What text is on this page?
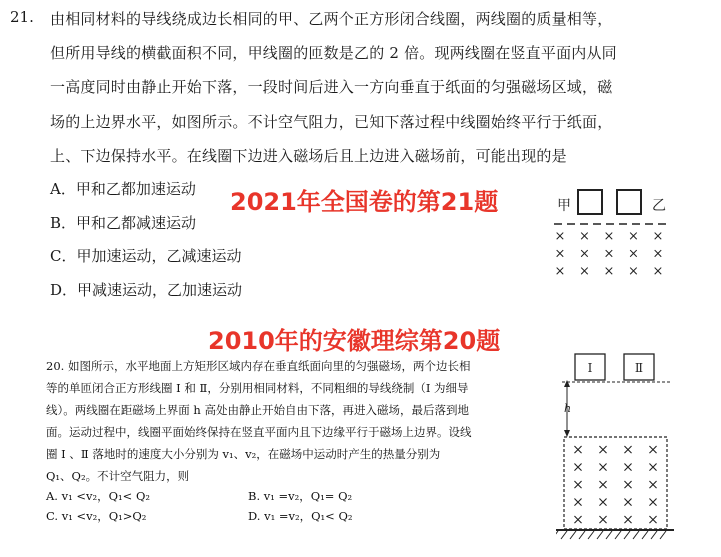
21. 由相同材料的导线绕成边长相同的甲、乙两个正方形闭合线圈，两线圈的质量相等，
但所用导线的横截面积不同，甲线圈的匝数是乙的 2 倍。现两线圈在竖直平面内从同
一高度同时由静止开始下落，一段时间后进入一方向垂直于纸面的匀强磁场区域，磁
场的上边界水平，如图所示。不计空气阻力，已知下落过程中线圈始终平行于纸面，
上、下边保持水平。在线圈下边进入磁场后且上边进入磁场前，可能出现的是
A．甲和乙都加速运动
B．甲和乙都减速运动
C．甲加速运动，乙减速运动
D．甲减速运动，乙加速运动
2021年全国卷的第21题	甲	乙
× × × × ×
× × × × ×
× × × × ×
2010年的安徽理综第20题
20. 如图所示，水平地面上方矩形区域内存在垂直纸面向里的匀强磁场，两个边长相
等的单匝闭合正方形线圈 Ⅰ 和 Ⅱ，分别用相同材料，不同粗细的导线绕制（Ⅰ 为细导
线）。两线圈在距磁场上界面 h 高处由静止开始自由下落，再进入磁场，最后落到地
面。运动过程中，线圈平面始终保持在竖直平面内且下边缘平行于磁场上边界。设线
圈 Ⅰ 、Ⅱ 落地时的速度大小分别为 v₁、v₂，在磁场中运动时产生的热量分别为
Q₁、Q₂。不计空气阻力，则
A. v₁ <v₂，Q₁< Q₂	B. v₁ =v₂，Q₁= Q₂
C. v₁ <v₂，Q₁>Q₂	D. v₁ =v₂，Q₁< Q₂
Ⅰ	Ⅱ
h
× × × ×
× × × ×
× × × ×
× × × ×
× × × ×
